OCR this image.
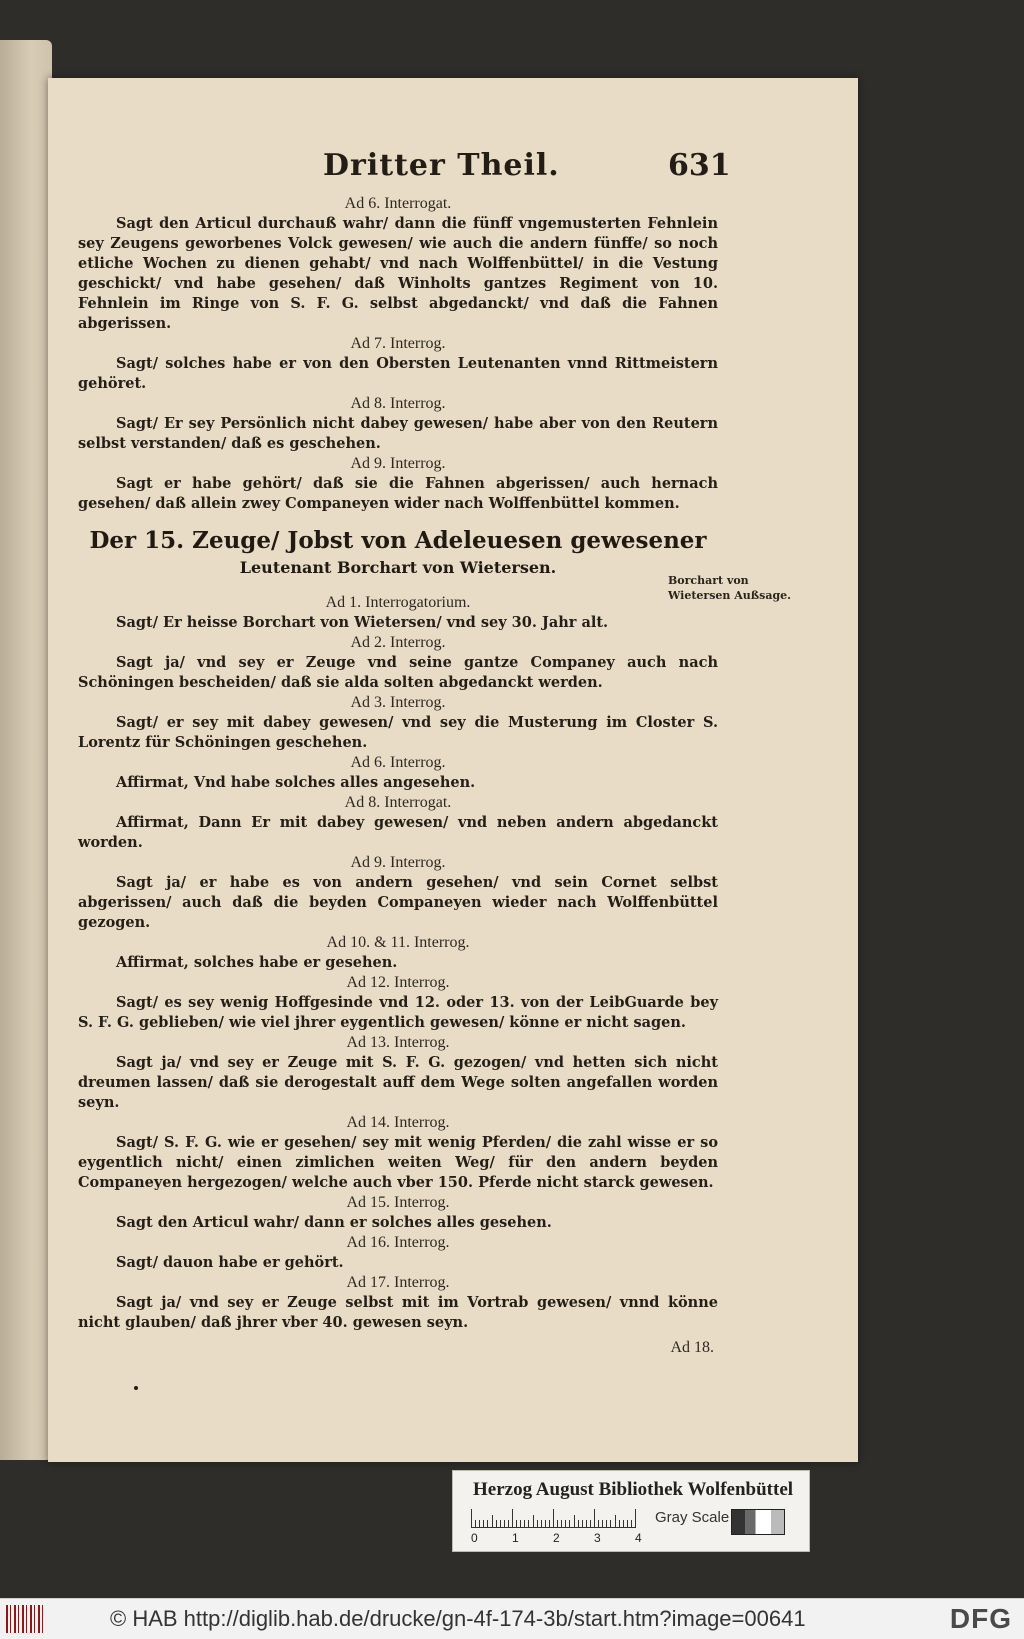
Dritter Theil.	631
Ad 6. Interrogat.
Sagt den Articul durchauß wahr/ dann die fünff vngemusterten Fehnlein sey Zeugens geworbenes Volck gewesen/ wie auch die andern fünffe/ so noch etliche Wochen zu dienen gehabt/ vnd nach Wolffenbüttel/ in die Vestung geschickt/ vnd habe gesehen/ daß Winholts gantzes Regiment von 10. Fehnlein im Ringe von S. F. G. selbst abgedanckt/ vnd daß die Fahnen abgerissen.
Ad 7. Interrog.
Sagt/ solches habe er von den Obersten Leutenanten vnnd Rittmeistern gehöret.
Ad 8. Interrog.
Sagt/ Er sey Persönlich nicht dabey gewesen/ habe aber von den Reutern selbst verstanden/ daß es geschehen.
Ad 9. Interrog.
Sagt er habe gehört/ daß sie die Fahnen abgerissen/ auch hernach gesehen/ daß allein zwey Companeyen wider nach Wolffenbüttel kommen.
Der 15. Zeuge/ Jobst von Adeleuesen gewesener
Leutenant Borchart von Wietersen.
Ad 1. Interrogatorium.
Sagt/ Er heisse Borchart von Wietersen/ vnd sey 30. Jahr alt.
Ad 2. Interrog.
Sagt ja/ vnd sey er Zeuge vnd seine gantze Companey auch nach Schöningen bescheiden/ daß sie alda solten abgedanckt werden.
Ad 3. Interrog.
Sagt/ er sey mit dabey gewesen/ vnd sey die Musterung im Closter S. Lorentz für Schöningen geschehen.
Ad 6. Interrog.
Affirmat, Vnd habe solches alles angesehen.
Ad 8. Interrogat.
Affirmat, Dann Er mit dabey gewesen/ vnd neben andern abgedanckt worden.
Ad 9. Interrog.
Sagt ja/ er habe es von andern gesehen/ vnd sein Cornet selbst abgerissen/ auch daß die beyden Companeyen wieder nach Wolffenbüttel gezogen.
Ad 10. & 11. Interrog.
Affirmat, solches habe er gesehen.
Ad 12. Interrog.
Sagt/ es sey wenig Hoffgesinde vnd 12. oder 13. von der LeibGuarde bey S. F. G. geblieben/ wie viel jhrer eygentlich gewesen/ könne er nicht sagen.
Ad 13. Interrog.
Sagt ja/ vnd sey er Zeuge mit S. F. G. gezogen/ vnd hetten sich nicht dreumen lassen/ daß sie derogestalt auff dem Wege solten angefallen worden seyn.
Ad 14. Interrog.
Sagt/ S. F. G. wie er gesehen/ sey mit wenig Pferden/ die zahl wisse er so eygentlich nicht/ einen zimlichen weiten Weg/ für den andern beyden Companeyen hergezogen/ welche auch vber 150. Pferde nicht starck gewesen.
Ad 15. Interrog.
Sagt den Articul wahr/ dann er solches alles gesehen.
Ad 16. Interrog.
Sagt/ dauon habe er gehört.
Ad 17. Interrog.
Sagt ja/ vnd sey er Zeuge selbst mit im Vortrab gewesen/ vnnd könne nicht glauben/ daß jhrer vber 40. gewesen seyn.
Ad 18.
Borchart von Wietersen Außsage.
Herzog August Bibliothek Wolfenbüttel
0	1	2	3	4
Gray Scale
© HAB http://diglib.hab.de/drucke/gn-4f-174-3b/start.htm?image=00641	DFG
